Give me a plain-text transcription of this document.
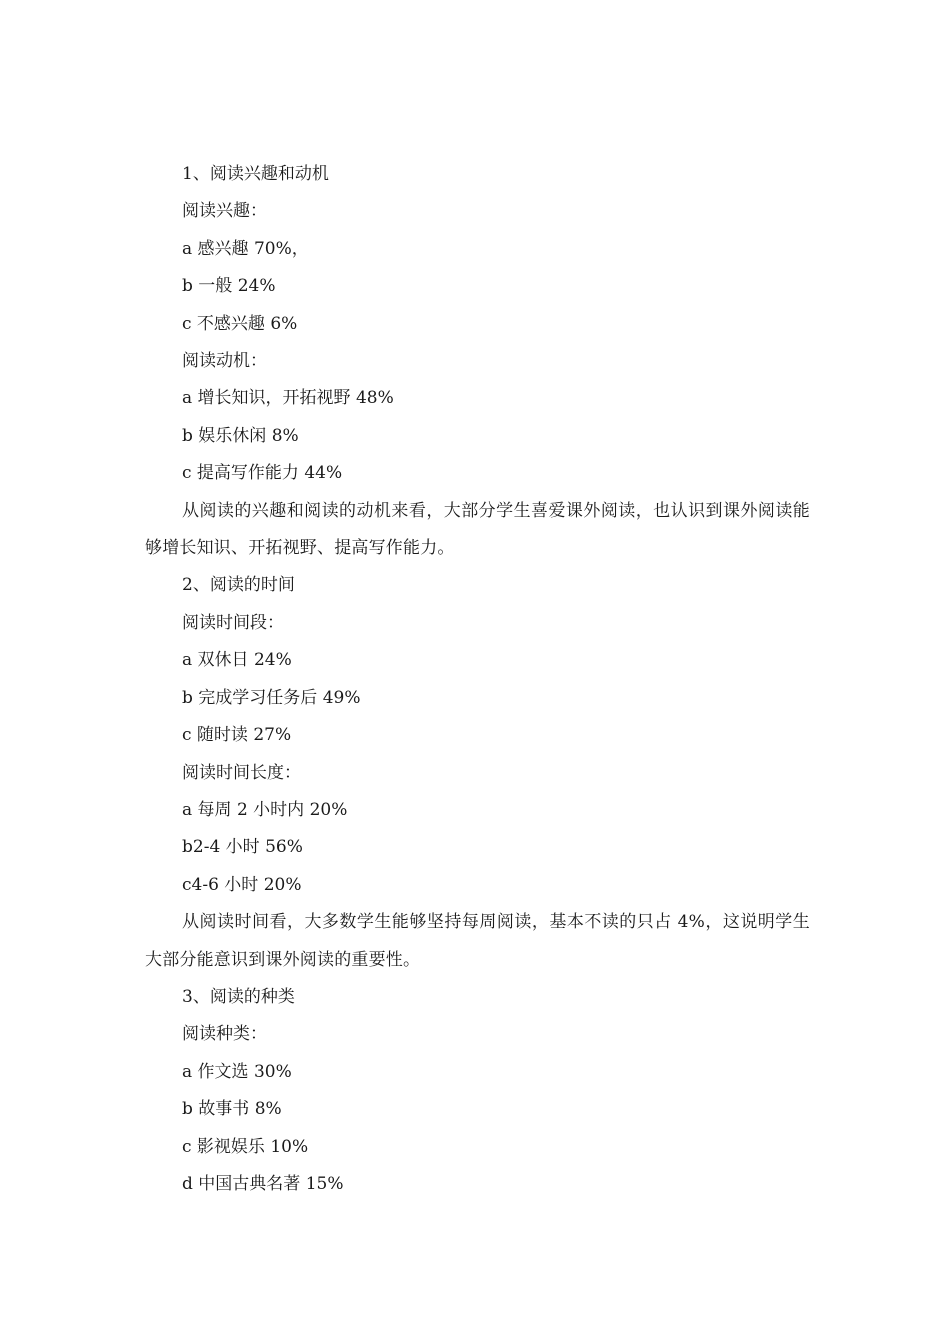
1、阅读兴趣和动机
阅读兴趣：
a 感兴趣 70%，
b 一般 24%
c 不感兴趣 6%
阅读动机：
a 增长知识，开拓视野 48%
b 娱乐休闲 8%
c 提高写作能力 44%
从阅读的兴趣和阅读的动机来看，大部分学生喜爱课外阅读，也认识到课外阅读能够增长知识、开拓视野、提高写作能力。
2、阅读的时间
阅读时间段：
a 双休日 24%
b 完成学习任务后 49%
c 随时读 27%
阅读时间长度：
a 每周 2 小时内 20%
b2-4 小时 56%
c4-6 小时 20%
从阅读时间看，大多数学生能够坚持每周阅读，基本不读的只占 4%，这说明学生大部分能意识到课外阅读的重要性。
3、阅读的种类
阅读种类：
a 作文选 30%
b 故事书 8%
c 影视娱乐 10%
d 中国古典名著 15%
